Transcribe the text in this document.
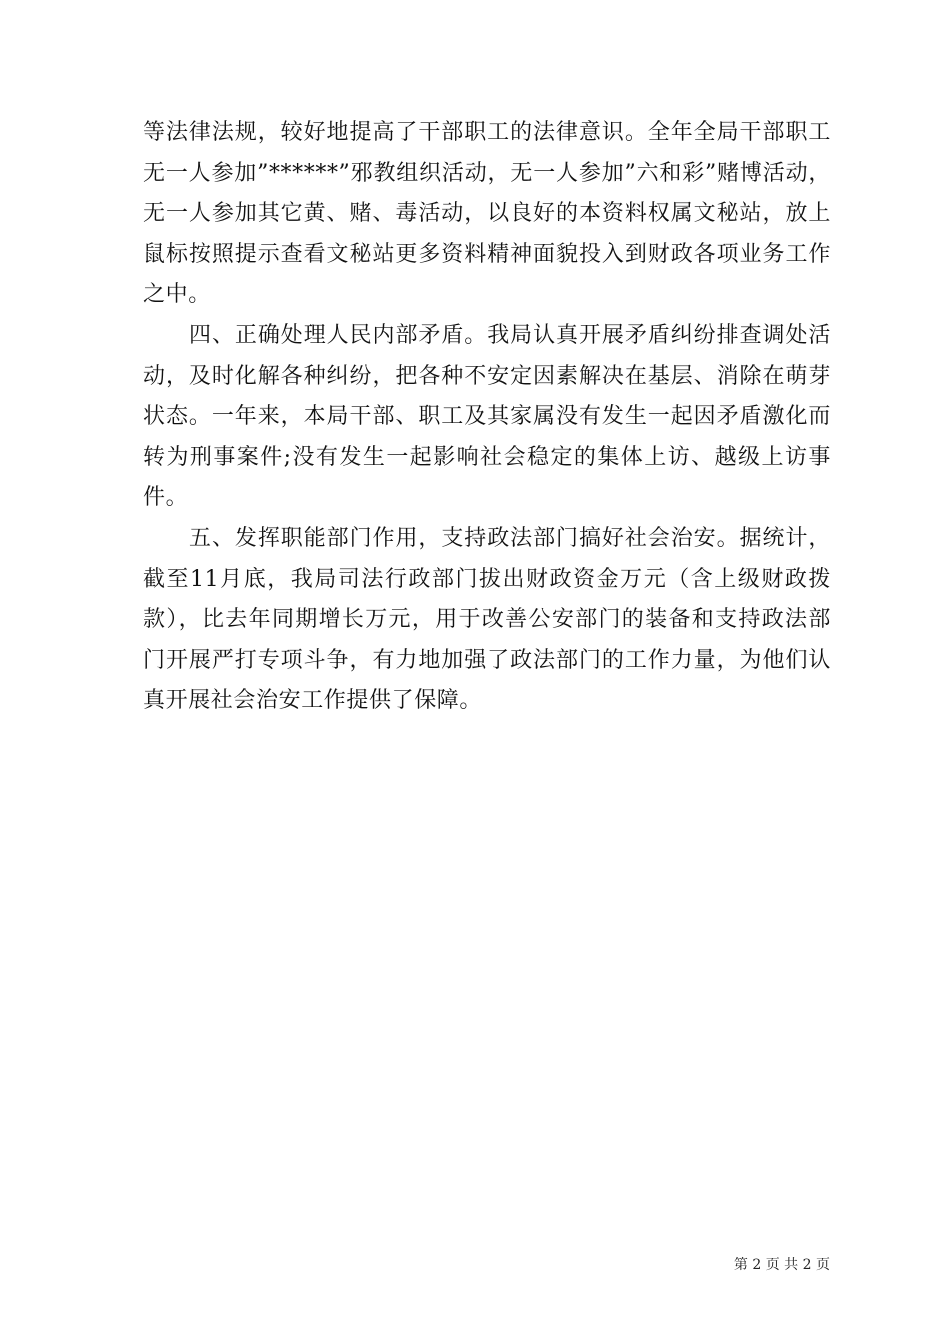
等法律法规，较好地提高了干部职工的法律意识。全年全局干部职工无一人参加”******”邪教组织活动，无一人参加”六和彩”赌博活动，无一人参加其它黄、赌、毒活动，以良好的本资料权属文秘站，放上鼠标按照提示查看文秘站更多资料精神面貌投入到财政各项业务工作之中。

四、正确处理人民内部矛盾。我局认真开展矛盾纠纷排查调处活动，及时化解各种纠纷，把各种不安定因素解决在基层、消除在萌芽状态。一年来，本局干部、职工及其家属没有发生一起因矛盾激化而转为刑事案件;没有发生一起影响社会稳定的集体上访、越级上访事件。

五、发挥职能部门作用，支持政法部门搞好社会治安。据统计，截至11月底，我局司法行政部门拔出财政资金万元（含上级财政拨款），比去年同期增长万元，用于改善公安部门的装备和支持政法部门开展严打专项斗争，有力地加强了政法部门的工作力量，为他们认真开展社会治安工作提供了保障。

第 2 页 共 2 页
